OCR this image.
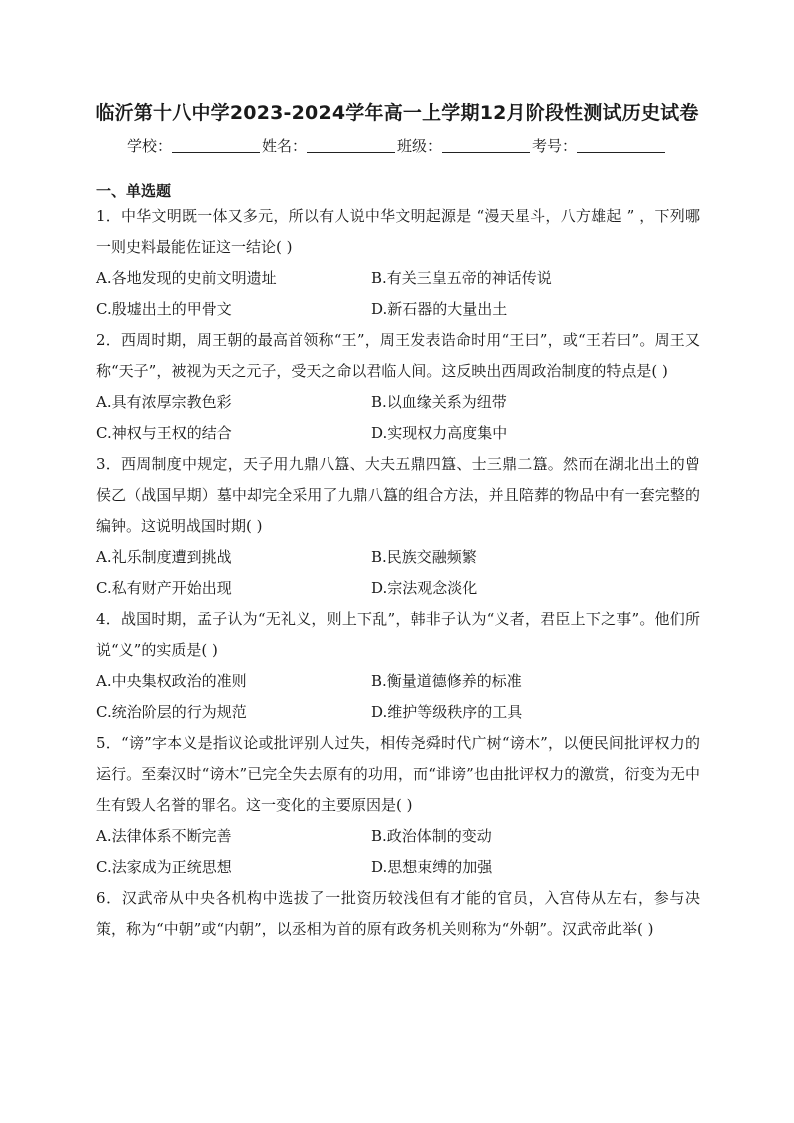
临沂第十八中学2023-2024学年高一上学期12月阶段性测试历史试卷
学校：	姓名：	班级：	考号：
一、单选题
1．中华文明既一体又多元，所以有人说中华文明起源是 “漫天星斗，八方雄起 ” ，下列哪一则史料最能佐证这一结论( )
A.各地发现的史前文明遗址	B.有关三皇五帝的神话传说
C.殷墟出土的甲骨文	D.新石器的大量出土
2．西周时期，周王朝的最高首领称“王”，周王发表诰命时用“王曰”，或“王若曰”。周王又称“天子”，被视为天之元子，受天之命以君临人间。这反映出西周政治制度的特点是( )
A.具有浓厚宗教色彩	B.以血缘关系为纽带
C.神权与王权的结合	D.实现权力高度集中
3．西周制度中规定，天子用九鼎八簋、大夫五鼎四簋、士三鼎二簋。然而在湖北出土的曾侯乙（战国早期）墓中却完全采用了九鼎八簋的组合方法，并且陪葬的物品中有一套完整的编钟。这说明战国时期( )
A.礼乐制度遭到挑战	B.民族交融频繁
C.私有财产开始出现	D.宗法观念淡化
4．战国时期，孟子认为“无礼义，则上下乱”，韩非子认为“义者，君臣上下之事”。他们所说“义”的实质是( )
A.中央集权政治的准则	B.衡量道德修养的标准
C.统治阶层的行为规范	D.维护等级秩序的工具
5．“谤”字本义是指议论或批评别人过失，相传尧舜时代广树“谤木”，以便民间批评权力的运行。至秦汉时“谤木”已完全失去原有的功用，而“诽谤”也由批评权力的激赏，衍变为无中生有毁人名誉的罪名。这一变化的主要原因是( )
A.法律体系不断完善	B.政治体制的变动
C.法家成为正统思想	D.思想束缚的加强
6．汉武帝从中央各机构中选拔了一批资历较浅但有才能的官员，入宫侍从左右，参与决策，称为“中朝”或“内朝”，以丞相为首的原有政务机关则称为“外朝”。汉武帝此举( )
